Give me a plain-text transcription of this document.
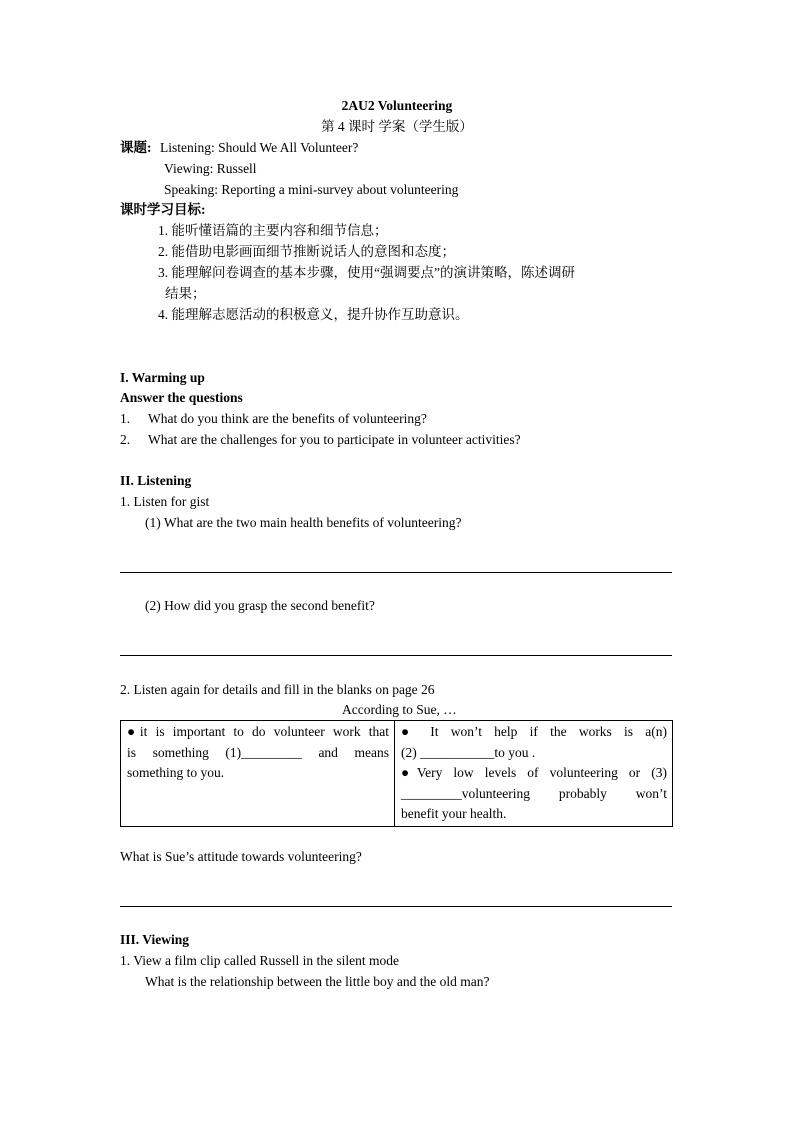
2AU2 Volunteering
第 4 课时 学案（学生版）
课题: Listening: Should We All Volunteer?
Viewing: Russell
Speaking: Reporting a mini-survey about volunteering
课时学习目标:
1. 能听懂语篇的主要内容和细节信息；
2. 能借助电影画面细节推断说话人的意图和态度；
3. 能理解问卷调查的基本步骤，使用“强调要点”的演讲策略，陈述调研
结果；
4. 能理解志愿活动的积极意义，提升协作互助意识。
I. Warming up
Answer the questions
1. What do you think are the benefits of volunteering?
2. What are the challenges for you to participate in volunteer activities?
II. Listening
1. Listen for gist
(1) What are the two main health benefits of volunteering?
(2) How did you grasp the second benefit?
2. Listen again for details and fill in the blanks on page 26
According to Sue, …
●it is important to do volunteer work that
is something (1)_________ and means
something to you.

● It won’t help if the works is a(n)
(2) ___________to you .
●Very low levels of volunteering or (3)
_________volunteering probably won’t
benefit your health.
What is Sue’s attitude towards volunteering?
III. Viewing
1. View a film clip called Russell in the silent mode
What is the relationship between the little boy and the old man?
